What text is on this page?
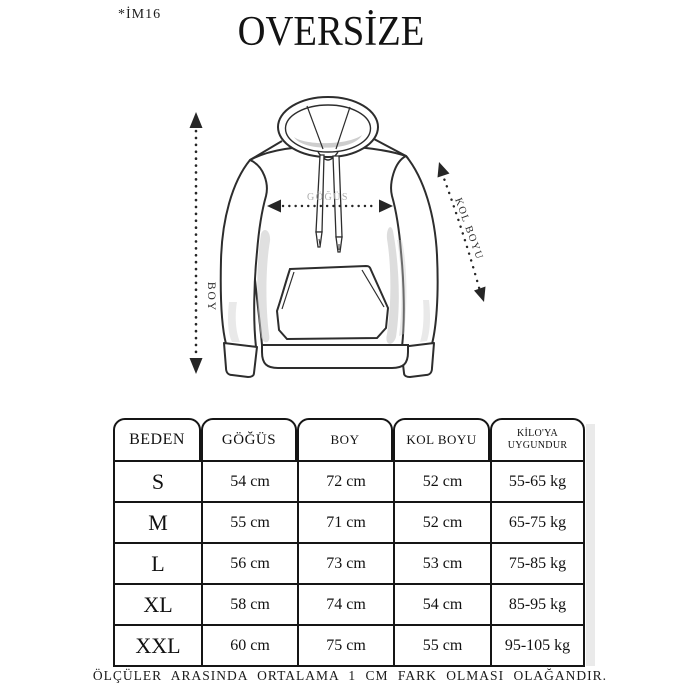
*İM16	OVERSİZE
BOY
GÖĞÜS	KOL BOYU
BEDEN	GÖĞÜS	BOY	KOL BOYU	KİLO'YA UYGUNDUR
S	54 cm	72 cm	52 cm	55-65 kg
M	55 cm	71 cm	52 cm	65-75 kg
L	56 cm	73 cm	53 cm	75-85 kg
XL	58 cm	74 cm	54 cm	85-95 kg
XXL	60 cm	75 cm	55 cm	95-105 kg
ÖLÇÜLER ARASINDA ORTALAMA 1 CM FARK OLMASI OLAĞANDIR.
